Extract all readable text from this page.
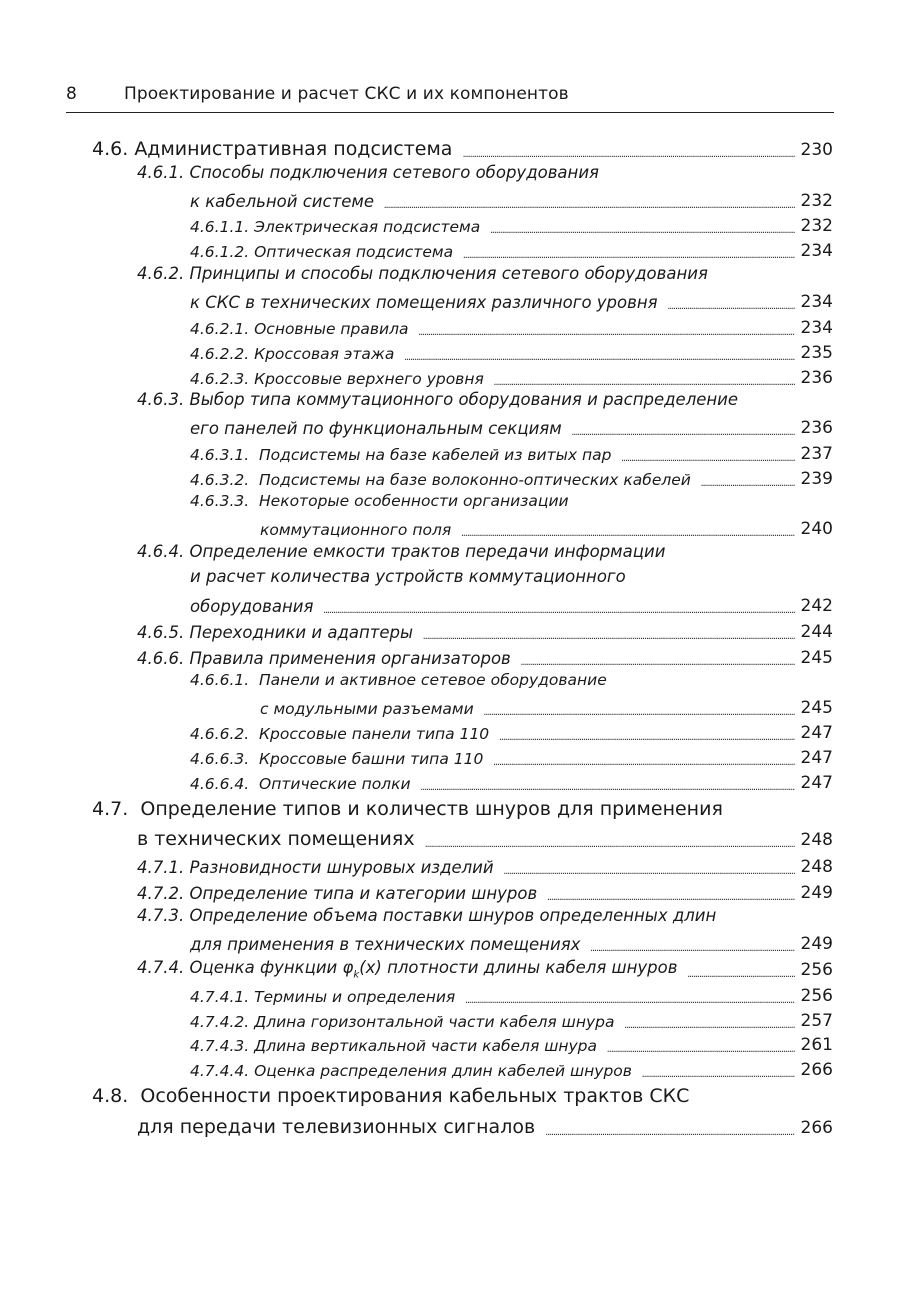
8	Проектирование и расчет СКС и их компонентов
4.6. Административная подсистема . . .	230
4.6.1. Способы подключения сетевого оборудования
к кабельной системе . . .	232
4.6.1.1. Электрическая подсистема . . .	232
4.6.1.2. Оптическая подсистема . . .	234
4.6.2. Принципы и способы подключения сетевого оборудования
к СКС в технических помещениях различного уровня . . .	234
4.6.2.1. Основные правила . . .	234
4.6.2.2. Кроссовая этажа . . .	235
4.6.2.3. Кроссовые верхнего уровня . . .	236
4.6.3. Выбор типа коммутационного оборудования и распределение
его панелей по функциональным секциям . . .	236
4.6.3.1. Подсистемы на базе кабелей из витых пар . . .	237
4.6.3.2. Подсистемы на базе волоконно-оптических кабелей . . .	239
4.6.3.3. Некоторые особенности организации
коммутационного поля . . .	240
4.6.4. Определение емкости трактов передачи информации
и расчет количества устройств коммутационного
оборудования . . .	242
4.6.5. Переходники и адаптеры . . .	244
4.6.6. Правила применения организаторов . . .	245
4.6.6.1. Панели и активное сетевое оборудование
с модульными разъемами . . .	245
4.6.6.2. Кроссовые панели типа 110 . . .	247
4.6.6.3. Кроссовые башни типа 110 . . .	247
4.6.6.4. Оптические полки . . .	247
4.7. Определение типов и количеств шнуров для применения
в технических помещениях . . .	248
4.7.1. Разновидности шнуровых изделий . . .	248
4.7.2. Определение типа и категории шнуров . . .	249
4.7.3. Определение объема поставки шнуров определенных длин
для применения в технических помещениях . . .	249
4.7.4. Оценка функции $\varphi_k(x)$ плотности длины кабеля шнуров . . .	256
4.7.4.1. Термины и определения . . .	256
4.7.4.2. Длина горизонтальной части кабеля шнура . . .	257
4.7.4.3. Длина вертикальной части кабеля шнура . . .	261
4.7.4.4. Оценка распределения длин кабелей шнуров . . .	266
4.8. Особенности проектирования кабельных трактов СКС
для передачи телевизионных сигналов . . .	266
